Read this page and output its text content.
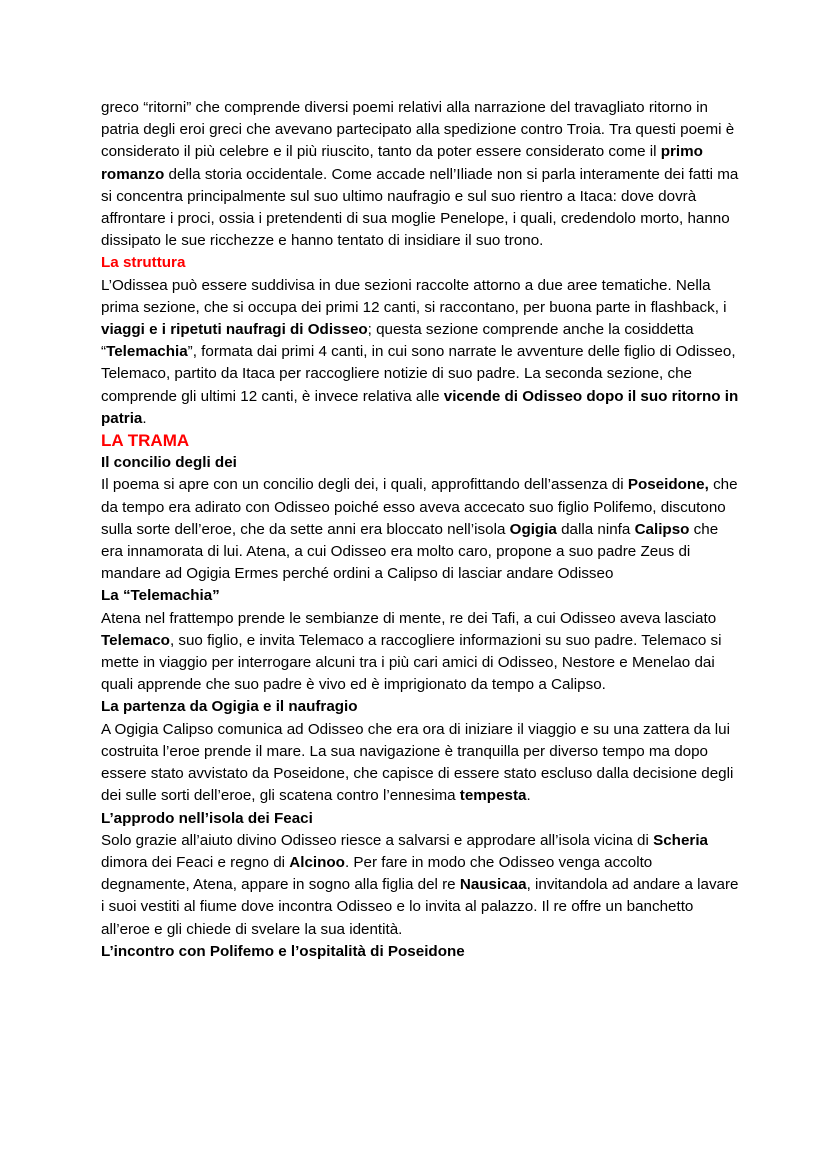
greco “ritorni” che comprende diversi poemi relativi alla narrazione del travagliato ritorno in patria degli eroi greci che avevano partecipato alla spedizione contro Troia. Tra questi poemi è considerato il più celebre e il più riuscito, tanto da poter essere considerato come il primo romanzo della storia occidentale. Come accade nell’Iliade non si parla interamente dei fatti ma si concentra principalmente sul suo ultimo naufragio e sul suo rientro a Itaca: dove dovrà affrontare i proci, ossia i pretendenti di sua moglie Penelope, i quali, credendolo morto, hanno dissipato le sue ricchezze e hanno tentato di insidiare il suo trono.

La struttura

L’Odissea può essere suddivisa in due sezioni raccolte attorno a due aree tematiche. Nella prima sezione, che si occupa dei primi 12 canti, si raccontano, per buona parte in flashback, i viaggi e i ripetuti naufragi di Odisseo; questa sezione comprende anche la cosiddetta “Telemachia”, formata dai primi 4 canti, in cui sono narrate le avventure delle figlio di Odisseo, Telemaco, partito da Itaca per raccogliere notizie di suo padre. La seconda sezione, che comprende gli ultimi 12 canti, è invece relativa alle vicende di Odisseo dopo il suo ritorno in patria.

LA TRAMA

Il concilio degli dei

Il poema si apre con un concilio degli dei, i quali, approfittando dell’assenza di Poseidone, che da tempo era adirato con Odisseo poiché esso aveva accecato suo figlio Polifemo, discutono sulla sorte dell’eroe, che da sette anni era bloccato nell’isola Ogigia dalla ninfa Calipso che era innamorata di lui. Atena, a cui Odisseo era molto caro, propone a suo padre Zeus di mandare ad Ogigia Ermes perché ordini a Calipso di lasciar andare Odisseo

La “Telemachia”

Atena nel frattempo prende le sembianze di mente, re dei Tafi, a cui Odisseo aveva lasciato Telemaco, suo figlio, e invita Telemaco a raccogliere informazioni su suo padre. Telemaco si mette in viaggio per interrogare alcuni tra i più cari amici di Odisseo, Nestore e Menelao dai quali apprende che suo padre è vivo ed è imprigionato da tempo a Calipso.

La partenza da Ogigia e il naufragio

A Ogigia Calipso comunica ad Odisseo che era ora di iniziare il viaggio e su una zattera da lui costruita l’eroe prende il mare. La sua navigazione è tranquilla per diverso tempo ma dopo essere stato avvistato da Poseidone, che capisce di essere stato escluso dalla decisione degli dei sulle sorti dell’eroe, gli scatena contro l’ennesima tempesta.

L’approdo nell’isola dei Feaci

Solo grazie all’aiuto divino Odisseo riesce a salvarsi e approdare all’isola vicina di Scheria dimora dei Feaci e regno di Alcinoo. Per fare in modo che Odisseo venga accolto degnamente, Atena, appare in sogno alla figlia del re Nausicaa, invitandola ad andare a lavare i suoi vestiti al fiume dove incontra Odisseo e lo invita al palazzo. Il re offre un banchetto all’eroe e gli chiede di svelare la sua identità.

L’incontro con Polifemo e l’ospitalità di Poseidone
